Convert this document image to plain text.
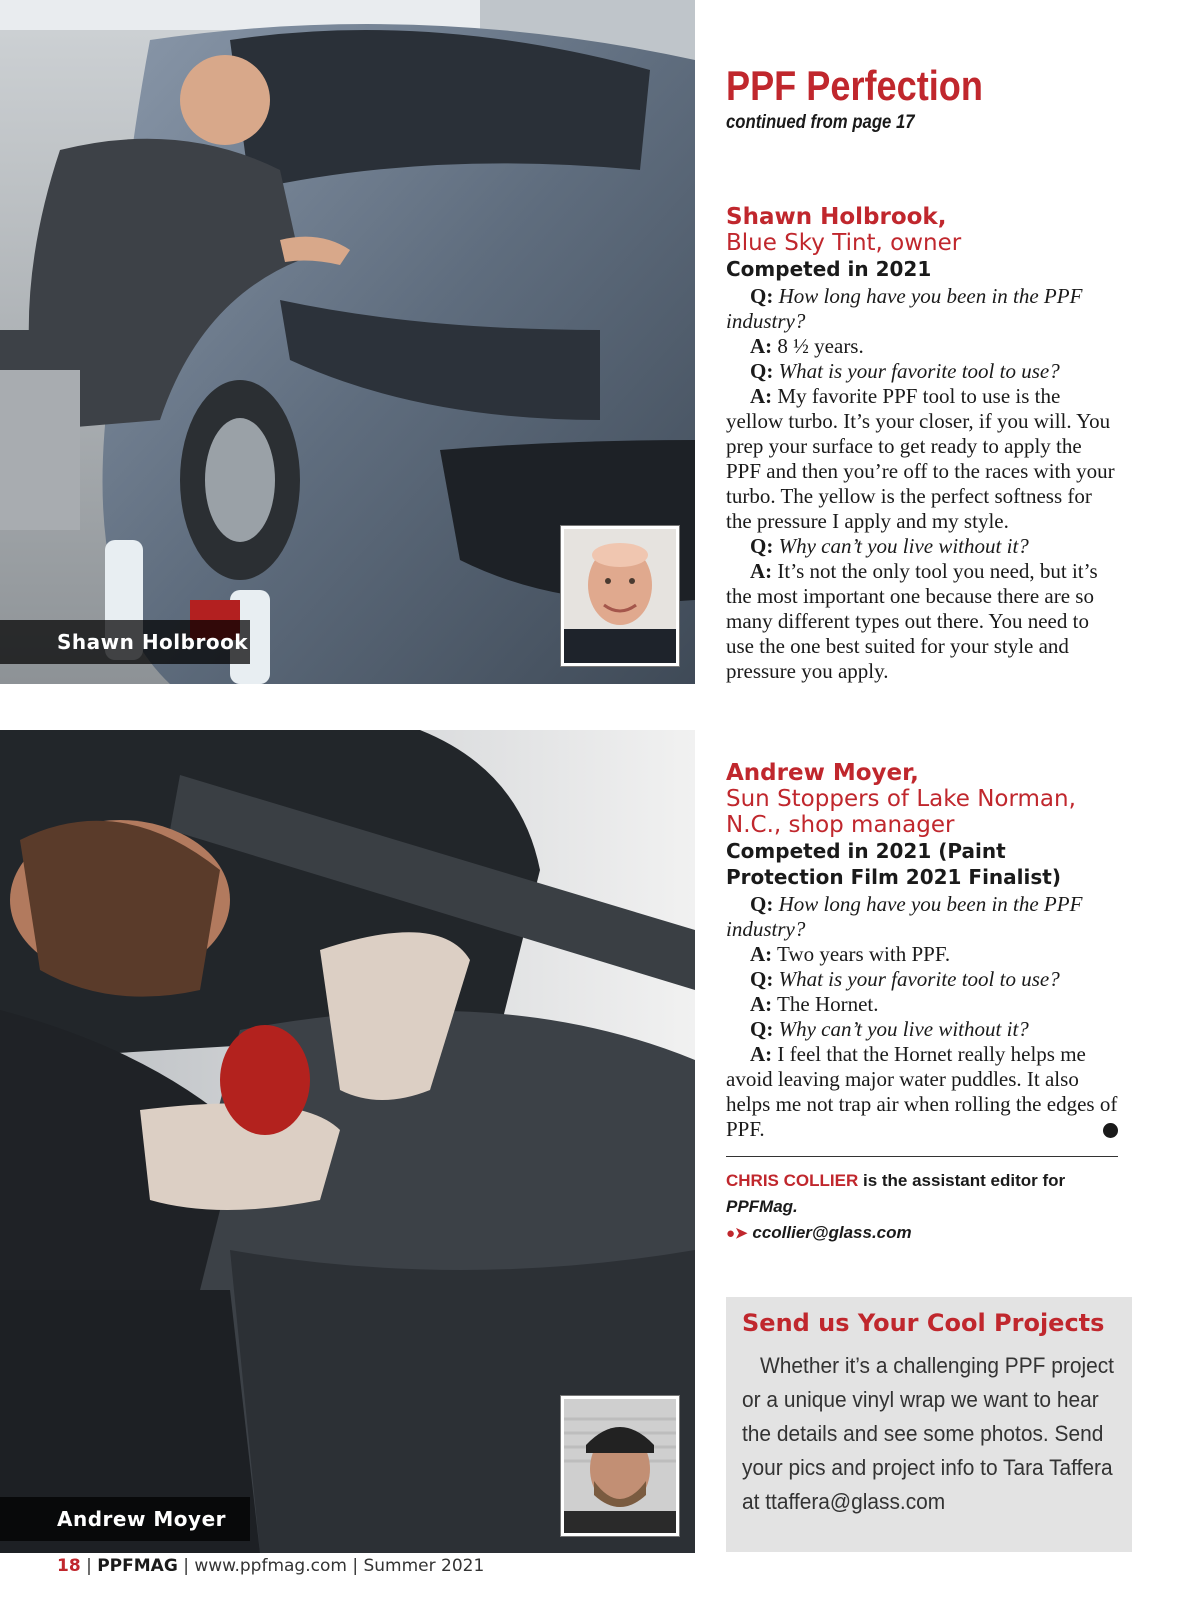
Shawn Holbrook
Andrew Moyer
PPF Perfection
continued from page 17
Shawn Holbrook,
Blue Sky Tint, owner
Competed in 2021

Q: How long have you been in the PPF industry?

A: 8 ½ years.

Q: What is your favorite tool to use?

A: My favorite PPF tool to use is the yellow turbo. It’s your closer, if you will. You prep your surface to get ready to apply the PPF and then you’re off to the races with your turbo. The yellow is the perfect softness for the pressure I apply and my style.

Q: Why can’t you live without it?

A: It’s not the only tool you need, but it’s the most important one because there are so many different types out there. You need to use the one best suited for your style and pressure you apply.

Andrew Moyer,
Sun Stoppers of Lake Norman, N.C., shop manager
Competed in 2021 (Paint Protection Film 2021 Finalist)

Q: How long have you been in the PPF industry?

A: Two years with PPF.

Q: What is your favorite tool to use?

A: The Hornet.

Q: Why can’t you live without it?

A: I feel that the Hornet really helps me avoid leaving major water puddles. It also helps me not trap air when rolling the edges of PPF.

CHRIS COLLIER is the assistant editor for
PPFMag.
●➤ ccollier@glass.com
Send us Your Cool Projects
Whether it’s a challenging PPF project or a unique vinyl wrap we want to hear the details and see some photos. Send your pics and project info to Tara Taffera at ttaffera@glass.com
18 | PPFMAG | www.ppfmag.com | Summer 2021
